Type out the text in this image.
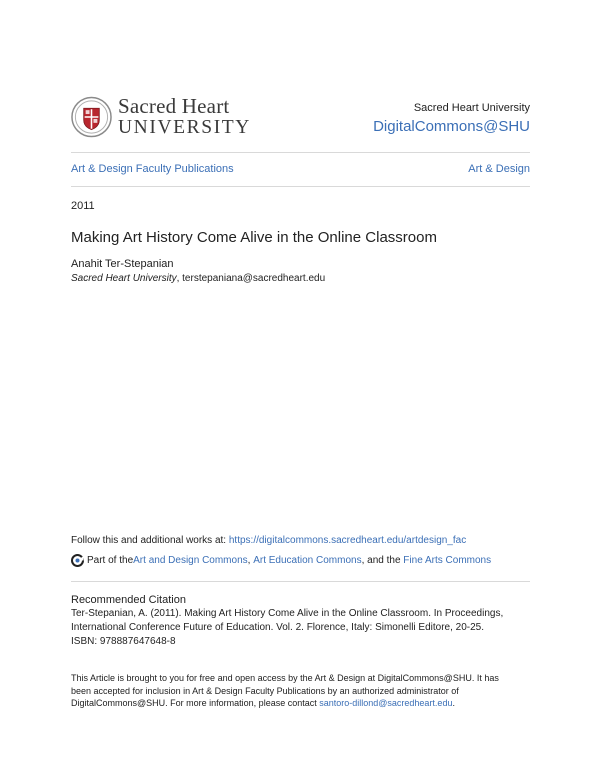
Sacred Heart
UNIVERSITY
Sacred Heart University
DigitalCommons@SHU
Art & Design Faculty Publications	Art & Design
2011
Making Art History Come Alive in the Online Classroom
Anahit Ter-Stepanian
Sacred Heart University, terstepaniana@sacredheart.edu
Follow this and additional works at: https://digitalcommons.sacredheart.edu/artdesign_fac
Part of the Art and Design Commons , Art Education Commons , and the Fine Arts Commons
Recommended Citation
Ter-Stepanian, A. (2011). Making Art History Come Alive in the Online Classroom. In Proceedings, International Conference Future of Education. Vol. 2. Florence, Italy: Simonelli Editore, 20-25. ISBN: 978887647648-8
This Article is brought to you for free and open access by the Art & Design at DigitalCommons@SHU. It has been accepted for inclusion in Art & Design Faculty Publications by an authorized administrator of DigitalCommons@SHU. For more information, please contact santoro-dillond@sacredheart.edu.
